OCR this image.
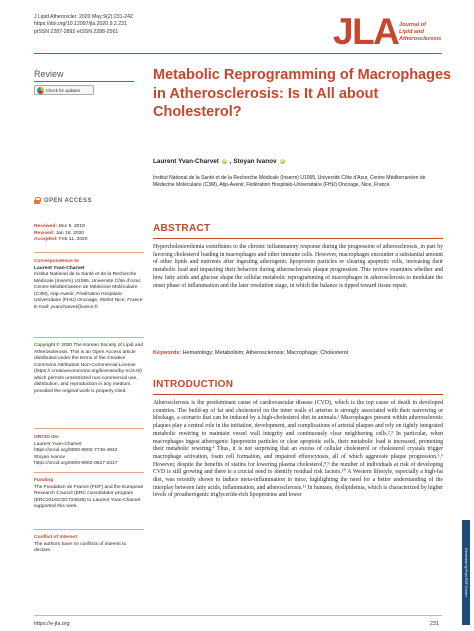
J Lipid Atheroscler. 2020 May;9(2):231-242
https://doi.org/10.12997/jla.2020.9.2.231
pISSN 2287-2892·eISSN 2288-2561	JLA Journal of
Lipid and
Atherosclerosis
Review
Check for updates
Metabolic Reprogramming of Macrophages in Atherosclerosis: Is It All about Cholesterol?
Laurent Yvan-Charvet iD , Stoyan Ivanov iD
Institut National de la Santé et de la Recherche Médicale (Inserm) U1065, Université Côte d'Azur, Centre Méditerranéen de Médecine Moléculaire (C3M), Atip-Avenir, Fédération Hospitalo-Universitaire (FHU) Oncoage, Nice, France
OPEN ACCESS
Received: Dec 9, 2019
Revised: Jan 16, 2020
Accepted: Feb 11, 2020
Correspondence to
Laurent Yvan-Charvet
Institut National de la Santé et de la Recherche Médicale (Inserm) U1065, Université Côte d'Azur, Centre Méditerranéen de Médecine Moléculaire (C3M), Atip-Avenir, Fédération Hospitalo-Universitaire (FHU) Oncoage, 06204 Nice, France
E-mail: yvancharvet@unice.fr
Copyright © 2020 The Korean Society of Lipid and Atherosclerosis. This is an Open Access article distributed under the terms of the Creative Commons Attribution Non-Commercial License (https:// creativecommons.org/licenses/by-nc/4.0/) which permits unrestricted non-commercial use, distribution, and reproduction in any medium, provided the original work is properly cited.
ORCID iDs
Laurent Yvan-Charvet
https://orcid.org/0000-0002-7748-4942
Stoyan Ivanov
https://orcid.org/0000-0002-0527-2317
Funding
The Fondation de France (FDF) and the European Research Council (ERC consolidator program (ERC2016COG724838) to Laurent Yvan-Charvet supported this work.
Conflict of Interest
The authors have no conflicts of interest to declare.
ABSTRACT

Hypercholesterolemia contributes to the chronic inflammatory response during the progression of atherosclerosis, in part by favoring cholesterol loading in macrophages and other immune cells. However, macrophages encounter a substantial amount of other lipids and nutrients after ingesting atherogenic lipoprotein particles or clearing apoptotic cells, increasing their metabolic load and impacting their behavior during atherosclerosis plaque progression. This review examines whether and how fatty acids and glucose shape the cellular metabolic reprogramming of macrophages in atherosclerosis to modulate the onset phase of inflammation and the later resolution stage, in which the balance is tipped toward tissue repair.

Keywords: Hematology; Metabolism; Atherosclerosis; Macrophage; Cholesterol
INTRODUCTION

Atherosclerosis is the predominant cause of cardiovascular disease (CVD), which is the top cause of death in developed countries. The build-up of fat and cholesterol on the inner walls of arteries is strongly associated with their narrowing or blockage, a scenario that can be induced by a high-cholesterol diet in animals.¹ Macrophages present within atherosclerotic plaques play a central role in the initiation, development, and complications of arterial plaques and rely on tightly integrated metabolic rewiring to maintain vessel wall integrity and continuously clear neighboring cells.²,³ In particular, when macrophages ingest atherogenic lipoprotein particles or clear apoptotic cells, their metabolic load is increased, promoting their metabolic rewiring.⁴ Thus, it is not surprising that an excess of cellular cholesterol or cholesterol crystals trigger macrophage activation, foam cell formation, and impaired efferocytosis, all of which aggravate plaque progression.⁵,⁶ However, despite the benefits of statins for lowering plasma cholesterol,⁸,⁹ the number of individuals at risk of developing CVD is still growing and there is a crucial need to identify residual risk factors.¹⁰ A Western lifestyle, especially a high-fat diet, was recently shown to induce meta-inflammation in mice, highlighting the need for a better understanding of the interplay between fatty acids, inflammation, and atherosclerosis.¹¹ In humans, dyslipidemia, which is characterized by higher levels of proatherogenic triglyceride-rich lipoproteins and lower

https://e-jla.org	231
Generated by Foxit PDF Creator
